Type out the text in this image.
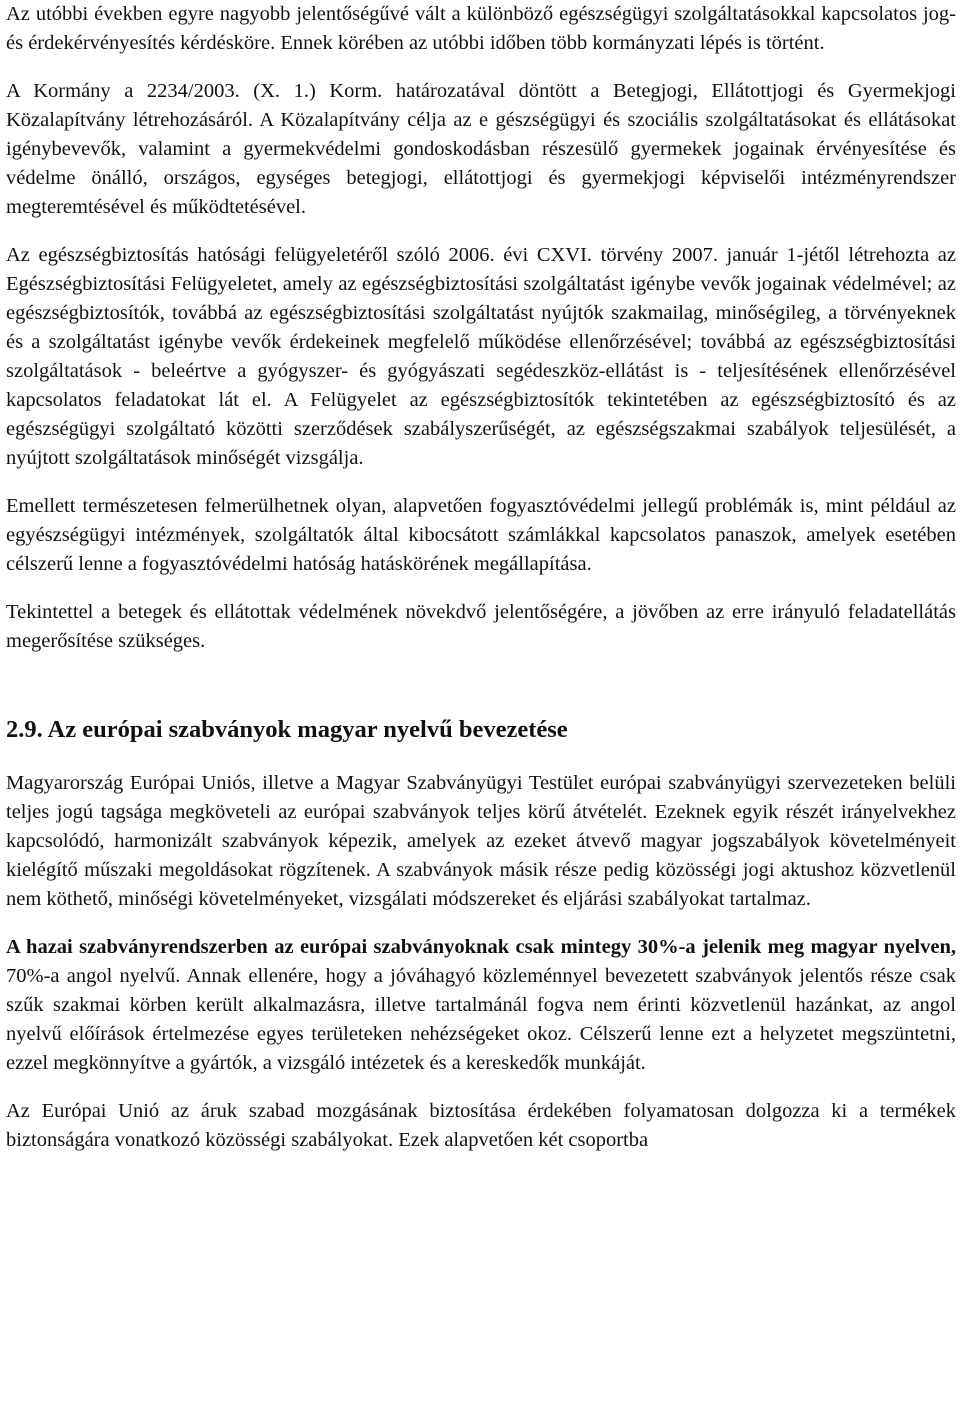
Az utóbbi években egyre nagyobb jelentőségűvé vált a különböző egészségügyi szolgáltatásokkal kapcsolatos jog- és érdekérvényesítés kérdésköre. Ennek körében az utóbbi időben több kormányzati lépés is történt.

A Kormány a 2234/2003. (X. 1.) Korm. határozatával döntött a Betegjogi, Ellátottjogi és Gyermekjogi Közalapítvány létrehozásáról. A Közalapítvány célja az e gészségügyi és szociális szolgáltatásokat és ellátásokat igénybevevők, valamint a gyermekvédelmi gondoskodásban részesülő gyermekek jogainak érvényesítése és védelme önálló, országos, egységes betegjogi, ellátottjogi és gyermekjogi képviselői intézményrendszer megteremtésével és működtetésével.

Az egészségbiztosítás hatósági felügyeletéről szóló 2006. évi CXVI. törvény 2007. január 1-jétől létrehozta az Egészségbiztosítási Felügyeletet, amely az egészségbiztosítási szolgáltatást igénybe vevők jogainak védelmével; az egészségbiztosítók, továbbá az egészségbiztosítási szolgáltatást nyújtók szakmailag, minőségileg, a törvényeknek és a szolgáltatást igénybe vevők érdekeinek megfelelő működése ellenőrzésével; továbbá az egészségbiztosítási szolgáltatások - beleértve a gyógyszer- és gyógyászati segédeszköz-ellátást is - teljesítésének ellenőrzésével kapcsolatos feladatokat lát el. A Felügyelet az egészségbiztosítók tekintetében az egészségbiztosító és az egészségügyi szolgáltató közötti szerződések szabályszerűségét, az egészségszakmai szabályok teljesülését, a nyújtott szolgáltatások minőségét vizsgálja.

Emellett természetesen felmerülhetnek olyan, alapvetően fogyasztóvédelmi jellegű problémák is, mint például az egyészségügyi intézmények, szolgáltatók által kibocsátott számlákkal kapcsolatos panaszok, amelyek esetében célszerű lenne a fogyasztóvédelmi hatóság hatáskörének megállapítása.

Tekintettel a betegek és ellátottak védelmének növekdvő jelentőségére, a jövőben az erre irányuló feladatellátás megerősítése szükséges.

2.9. Az európai szabványok magyar nyelvű bevezetése

Magyarország Európai Uniós, illetve a Magyar Szabványügyi Testület európai szabványügyi szervezeteken belüli teljes jogú tagsága megköveteli az európai szabványok teljes körű átvételét. Ezeknek egyik részét irányelvekhez kapcsolódó, harmonizált szabványok képezik, amelyek az ezeket átvevő magyar jogszabályok követelményeit kielégítő műszaki megoldásokat rögzítenek. A szabványok másik része pedig közösségi jogi aktushoz közvetlenül nem köthető, minőségi követelményeket, vizsgálati módszereket és eljárási szabályokat tartalmaz.

A hazai szabványrendszerben az európai szabványoknak csak mintegy 30%-a jelenik meg magyar nyelven, 70%-a angol nyelvű. Annak ellenére, hogy a jóváhagyó közleménnyel bevezetett szabványok jelentős része csak szűk szakmai körben került alkalmazásra, illetve tartalmánál fogva nem érinti közvetlenül hazánkat, az angol nyelvű előírások értelmezése egyes területeken nehézségeket okoz. Célszerű lenne ezt a helyzetet megszüntetni, ezzel megkönnyítve a gyártók, a vizsgáló intézetek és a kereskedők munkáját.

Az Európai Unió az áruk szabad mozgásának biztosítása érdekében folyamatosan dolgozza ki a termékek biztonságára vonatkozó közösségi szabályokat. Ezek alapvetően két csoportba
